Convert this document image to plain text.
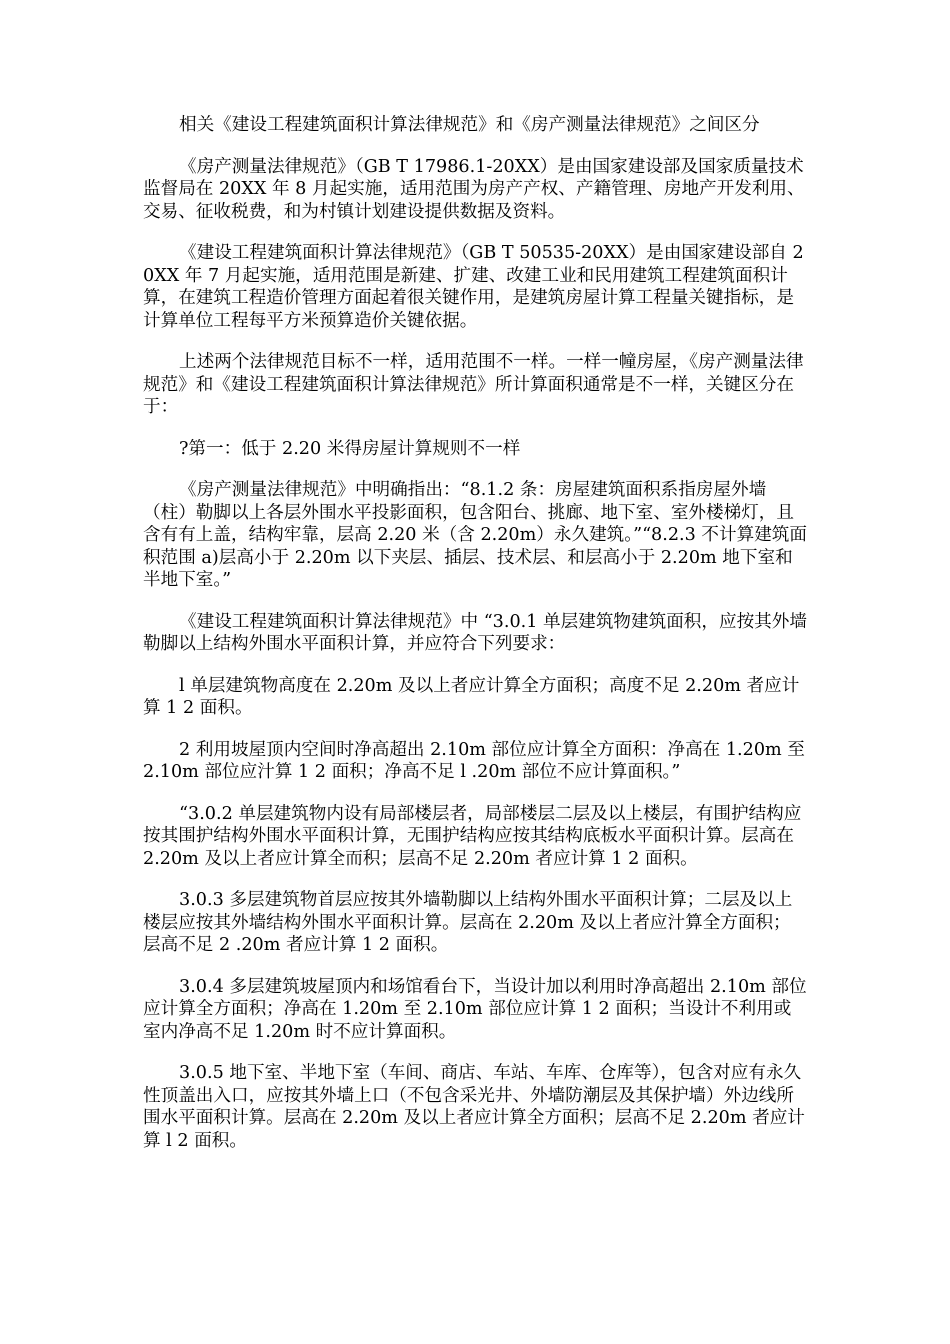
相关《建设工程建筑面积计算法律规范》和《房产测量法律规范》之间区分

《房产测量法律规范》（GB T 17986.1-20XX）是由国家建设部及国家质量技术监督局在 20XX 年 8 月起实施，适用范围为房产产权、产籍管理、房地产开发利用、交易、征收税费，和为村镇计划建设提供数据及资料。

《建设工程建筑面积计算法律规范》（GB T 50535-20XX）是由国家建设部自 20XX 年 7 月起实施，适用范围是新建、扩建、改建工业和民用建筑工程建筑面积计算，在建筑工程造价管理方面起着很关键作用，是建筑房屋计算工程量关键指标，是计算单位工程每平方米预算造价关键依据。

上述两个法律规范目标不一样，适用范围不一样。一样一幢房屋，《房产测量法律规范》和《建设工程建筑面积计算法律规范》所计算面积通常是不一样，关键区分在于：

?第一：低于 2.20 米得房屋计算规则不一样

《房产测量法律规范》中明确指出：“8.1.2 条：房屋建筑面积系指房屋外墙（柱）勒脚以上各层外围水平投影面积，包含阳台、挑廊、地下室、室外楼梯灯，且含有有上盖，结构牢靠，层高 2.20 米（含 2.20m）永久建筑。”“8.2.3 不计算建筑面积范围 a)层高小于 2.20m 以下夹层、插层、技术层、和层高小于 2.20m 地下室和半地下室。”

《建设工程建筑面积计算法律规范》中 “3.0.1 单层建筑物建筑面积，应按其外墙勒脚以上结构外围水平面积计算，并应符合下列要求：

l 单层建筑物高度在 2.20m 及以上者应计算全方面积；高度不足 2.20m 者应计算 1 2 面积。

2 利用坡屋顶内空间时净高超出 2.10m 部位应计算全方面积：净高在 1.20m 至 2.10m 部位应汁算 1 2 面积；净高不足 l .20m 部位不应计算面积。”

“3.0.2 单层建筑物内设有局部楼层者，局部楼层二层及以上楼层，有围护结构应按其围护结构外围水平面积计算，无围护结构应按其结构底板水平面积计算。层高在 2.20m 及以上者应计算全而积；层高不足 2.20m 者应计算 1 2 面积。

3.0.3 多层建筑物首层应按其外墙勒脚以上结构外围水平面积计算；二层及以上楼层应按其外墙结构外围水平面积计算。层高在 2.20m 及以上者应汁算全方面积；层高不足 2 .20m 者应计算 1 2 面积。

3.0.4 多层建筑坡屋顶内和场馆看台下，当设计加以利用时净高超出 2.10m 部位应计算全方面积；净高在 1.20m 至 2.10m 部位应计算 1 2 面积；当设计不利用或室内净高不足 1.20m 时不应计算面积。

3.0.5 地下室、半地下室（车间、商店、车站、车库、仓库等），包含对应有永久性顶盖出入口，应按其外墙上口（不包含采光井、外墙防潮层及其保护墙）外边线所围水平面积计算。层高在 2.20m 及以上者应计算全方面积；层高不足 2.20m 者应计算 l 2 面积。
